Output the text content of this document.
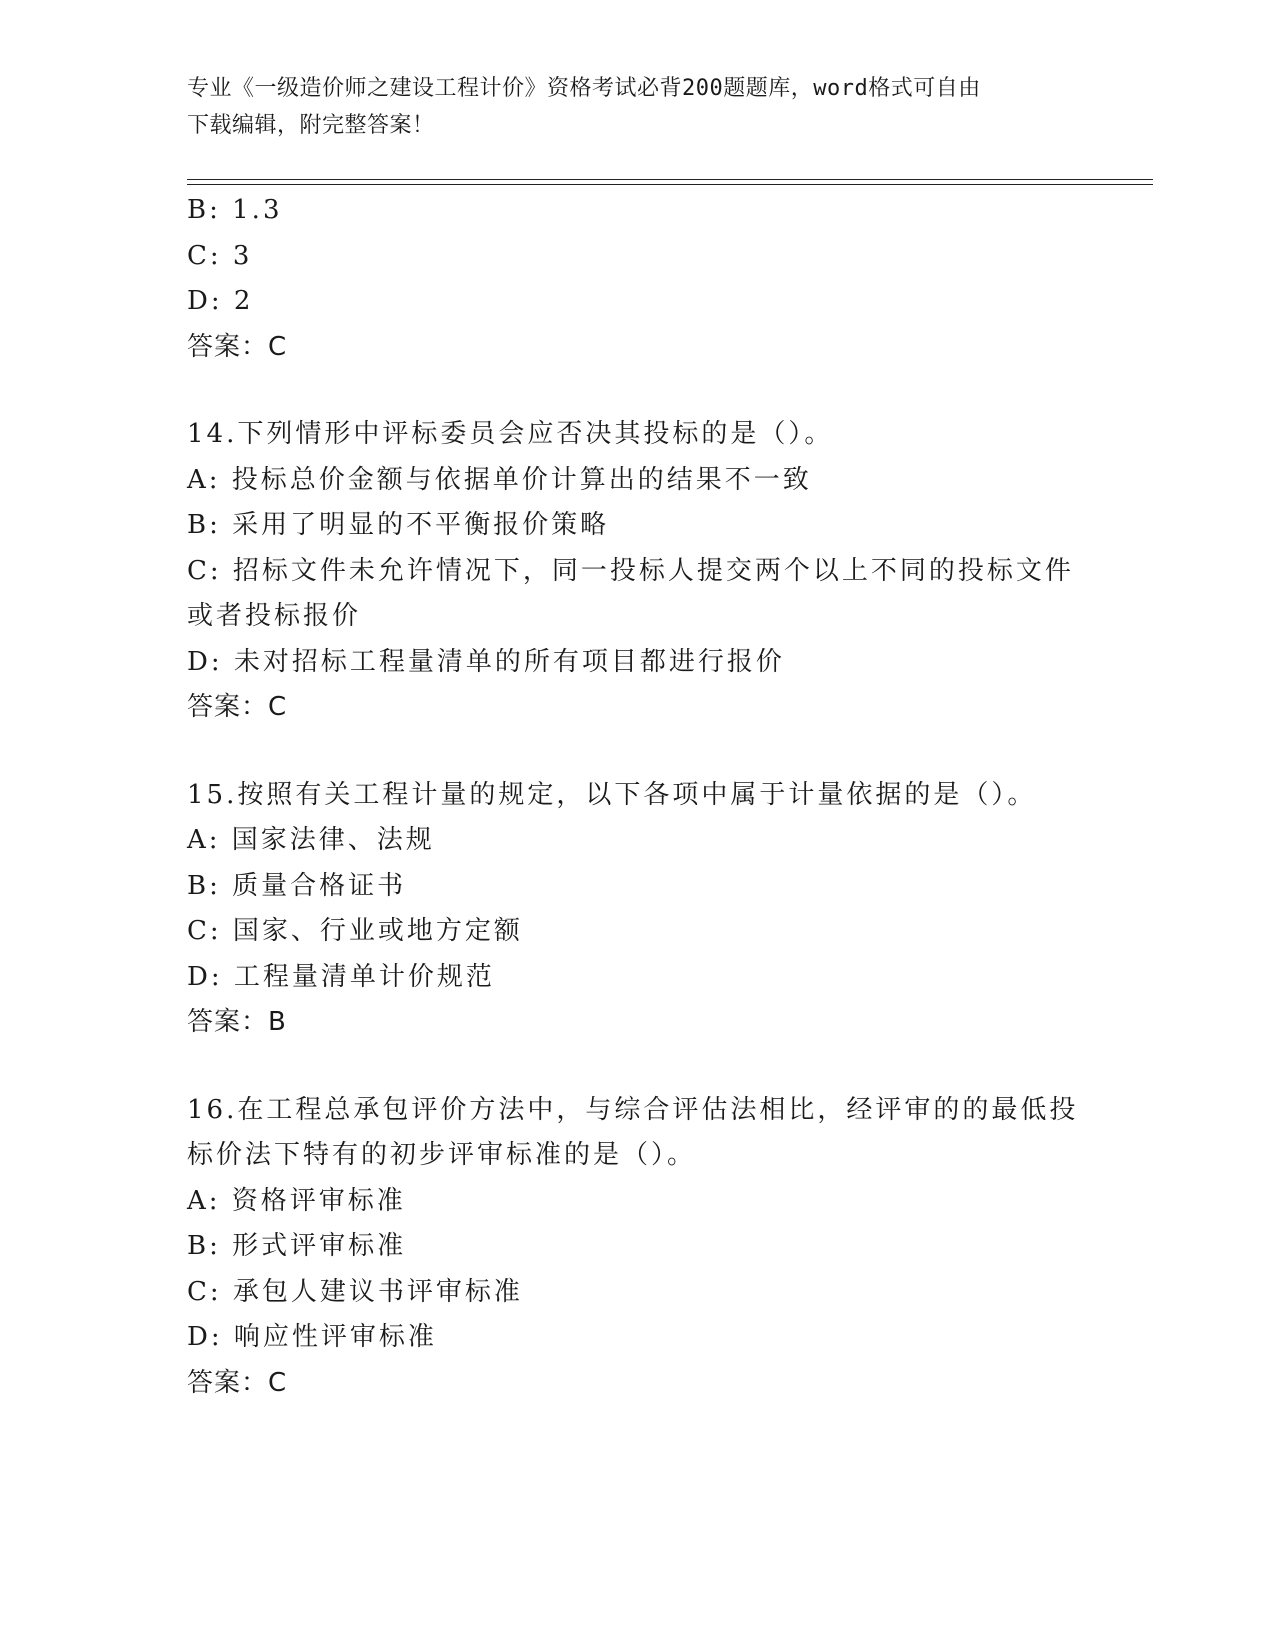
专业《一级造价师之建设工程计价》资格考试必背200题题库，word格式可自由
下载编辑，附完整答案！
B: 1.3
C: 3
D: 2
答案：C
14.下列情形中评标委员会应否决其投标的是（）。
A: 投标总价金额与依据单价计算出的结果不一致
B: 采用了明显的不平衡报价策略
C: 招标文件未允许情况下，同一投标人提交两个以上不同的投标文件
或者投标报价
D: 未对招标工程量清单的所有项目都进行报价
答案：C
15.按照有关工程计量的规定，以下各项中属于计量依据的是（）。
A: 国家法律、法规
B: 质量合格证书
C: 国家、行业或地方定额
D: 工程量清单计价规范
答案：B
16.在工程总承包评价方法中，与综合评估法相比，经评审的的最低投
标价法下特有的初步评审标准的是（）。
A: 资格评审标准
B: 形式评审标准
C: 承包人建议书评审标准
D: 响应性评审标准
答案：C
